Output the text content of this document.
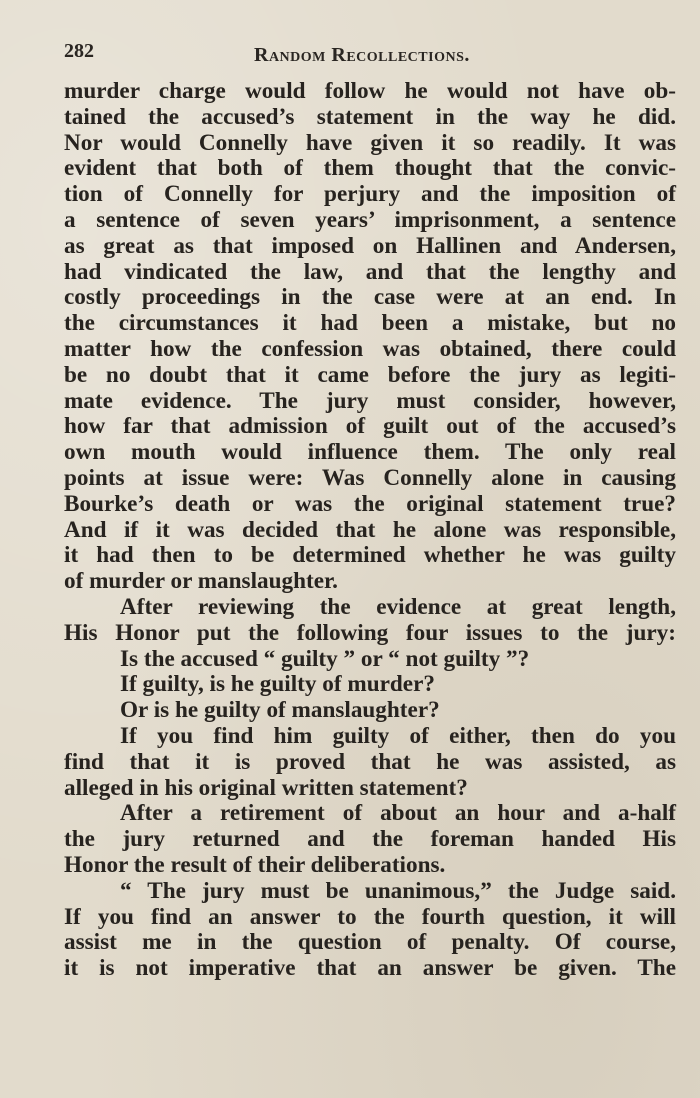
282	Random Recollections.
murder charge would follow he would not have ob-
tained the accused’s statement in the way he did.
Nor would Connelly have given it so readily. It was
evident that both of them thought that the convic-
tion of Connelly for perjury and the imposition of
a sentence of seven years’ imprisonment, a sentence
as great as that imposed on Hallinen and Andersen,
had vindicated the law, and that the lengthy and
costly proceedings in the case were at an end. In
the circumstances it had been a mistake, but no
matter how the confession was obtained, there could
be no doubt that it came before the jury as legiti-
mate evidence. The jury must consider, however,
how far that admission of guilt out of the accused’s
own mouth would influence them. The only real
points at issue were: Was Connelly alone in causing
Bourke’s death or was the original statement true?
And if it was decided that he alone was responsible,
it had then to be determined whether he was guilty
of murder or manslaughter.
After reviewing the evidence at great length,
His Honor put the following four issues to the jury:
Is the accused “ guilty ” or “ not guilty ”?
If guilty, is he guilty of murder?
Or is he guilty of manslaughter?
If you find him guilty of either, then do you
find that it is proved that he was assisted, as
alleged in his original written statement?
After a retirement of about an hour and a-half
the jury returned and the foreman handed His
Honor the result of their deliberations.
“ The jury must be unanimous,” the Judge said.
If you find an answer to the fourth question, it will
assist me in the question of penalty. Of course,
it is not imperative that an answer be given. The
